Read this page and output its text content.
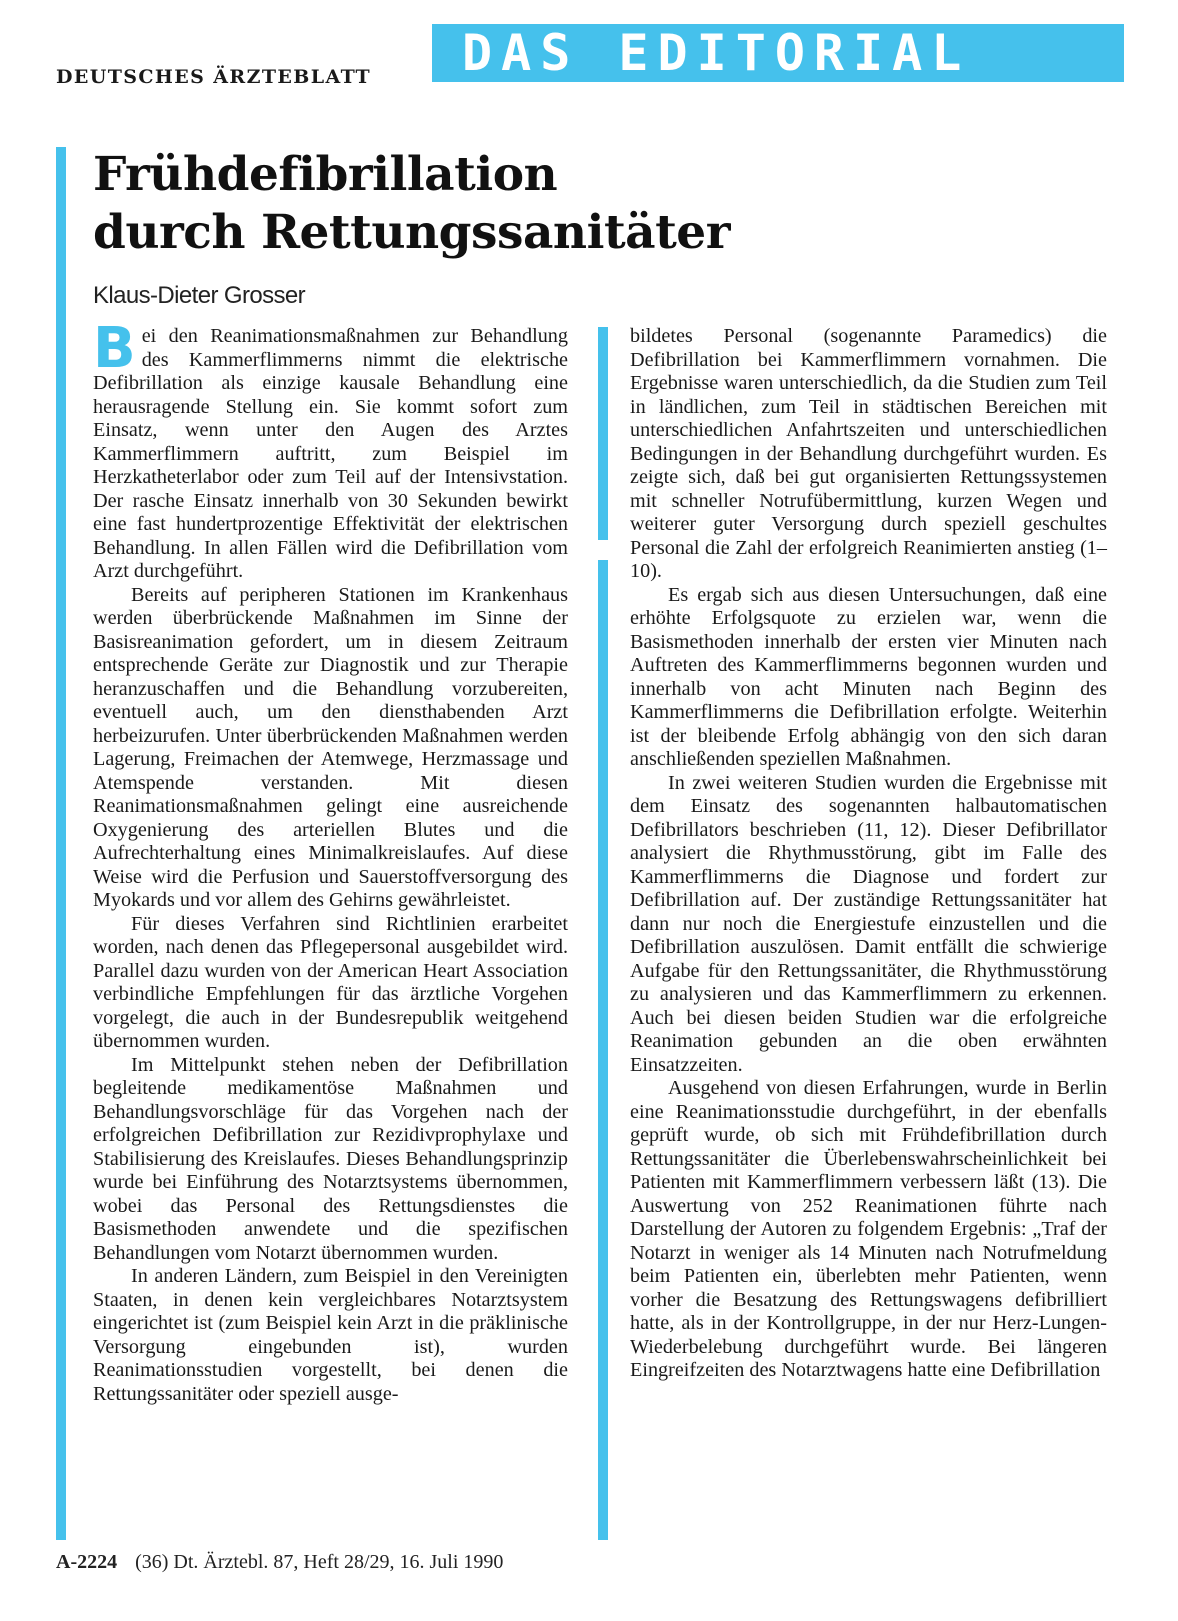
DEUTSCHES ÄRZTEBLATT DAS EDITORIAL
Frühdefibrillation
durch Rettungssanitäter
Klaus-Dieter Grosser

Bei den Reanimationsmaßnahmen zur Behandlung des Kammerflimmerns nimmt die elektrische Defibrillation als einzige kausale Behandlung eine herausragende Stellung ein. Sie kommt sofort zum Einsatz, wenn unter den Augen des Arztes Kammerflimmern auftritt, zum Beispiel im Herzkatheterlabor oder zum Teil auf der Intensivstation. Der rasche Einsatz innerhalb von 30 Sekunden bewirkt eine fast hundertprozentige Effektivität der elektrischen Behandlung. In allen Fällen wird die Defibrillation vom Arzt durchgeführt.

Bereits auf peripheren Stationen im Krankenhaus werden überbrückende Maßnahmen im Sinne der Basisreanimation gefordert, um in diesem Zeitraum entsprechende Geräte zur Diagnostik und zur Therapie heranzuschaffen und die Behandlung vorzubereiten, eventuell auch, um den diensthabenden Arzt herbeizurufen. Unter überbrückenden Maßnahmen werden Lagerung, Freimachen der Atemwege, Herzmassage und Atemspende verstanden. Mit diesen Reanimationsmaßnahmen gelingt eine ausreichende Oxygenierung des arteriellen Blutes und die Aufrechterhaltung eines Minimalkreislaufes. Auf diese Weise wird die Perfusion und Sauerstoffversorgung des Myokards und vor allem des Gehirns gewährleistet.

Für dieses Verfahren sind Richtlinien erarbeitet worden, nach denen das Pflegepersonal ausgebildet wird. Parallel dazu wurden von der American Heart Association verbindliche Empfehlungen für das ärztliche Vorgehen vorgelegt, die auch in der Bundesrepublik weitgehend übernommen wurden.

Im Mittelpunkt stehen neben der Defibrillation begleitende medikamentöse Maßnahmen und Behandlungsvorschläge für das Vorgehen nach der erfolgreichen Defibrillation zur Rezidivprophylaxe und Stabilisierung des Kreislaufes. Dieses Behandlungsprinzip wurde bei Einführung des Notarztsystems übernommen, wobei das Personal des Rettungsdienstes die Basismethoden anwendete und die spezifischen Behandlungen vom Notarzt übernommen wurden.

In anderen Ländern, zum Beispiel in den Vereinigten Staaten, in denen kein vergleichbares Notarztsystem eingerichtet ist (zum Beispiel kein Arzt in die präklinische Versorgung eingebunden ist), wurden Reanimationsstudien vorgestellt, bei denen die Rettungssanitäter oder speziell ausge-

bildetes Personal (sogenannte Paramedics) die Defibrillation bei Kammerflimmern vornahmen. Die Ergebnisse waren unterschiedlich, da die Studien zum Teil in ländlichen, zum Teil in städtischen Bereichen mit unterschiedlichen Anfahrtszeiten und unterschiedlichen Bedingungen in der Behandlung durchgeführt wurden. Es zeigte sich, daß bei gut organisierten Rettungssystemen mit schneller Notrufübermittlung, kurzen Wegen und weiterer guter Versorgung durch speziell geschultes Personal die Zahl der erfolgreich Reanimierten anstieg (1–10).

Es ergab sich aus diesen Untersuchungen, daß eine erhöhte Erfolgsquote zu erzielen war, wenn die Basismethoden innerhalb der ersten vier Minuten nach Auftreten des Kammerflimmerns begonnen wurden und innerhalb von acht Minuten nach Beginn des Kammerflimmerns die Defibrillation erfolgte. Weiterhin ist der bleibende Erfolg abhängig von den sich daran anschließenden speziellen Maßnahmen.

In zwei weiteren Studien wurden die Ergebnisse mit dem Einsatz des sogenannten halbautomatischen Defibrillators beschrieben (11, 12). Dieser Defibrillator analysiert die Rhythmusstörung, gibt im Falle des Kammerflimmerns die Diagnose und fordert zur Defibrillation auf. Der zuständige Rettungssanitäter hat dann nur noch die Energiestufe einzustellen und die Defibrillation auszulösen. Damit entfällt die schwierige Aufgabe für den Rettungssanitäter, die Rhythmusstörung zu analysieren und das Kammerflimmern zu erkennen. Auch bei diesen beiden Studien war die erfolgreiche Reanimation gebunden an die oben erwähnten Einsatzzeiten.

Ausgehend von diesen Erfahrungen, wurde in Berlin eine Reanimationsstudie durchgeführt, in der ebenfalls geprüft wurde, ob sich mit Frühdefibrillation durch Rettungssanitäter die Überlebenswahrscheinlichkeit bei Patienten mit Kammerflimmern verbessern läßt (13). Die Auswertung von 252 Reanimationen führte nach Darstellung der Autoren zu folgendem Ergebnis: „Traf der Notarzt in weniger als 14 Minuten nach Notrufmeldung beim Patienten ein, überlebten mehr Patienten, wenn vorher die Besatzung des Rettungswagens defibrilliert hatte, als in der Kontrollgruppe, in der nur Herz-Lungen-Wiederbelebung durchgeführt wurde. Bei längeren Eingreifzeiten des Notarztwagens hatte eine Defibrillation

A-2224 (36) Dt. Ärztebl. 87, Heft 28/29, 16. Juli 1990
